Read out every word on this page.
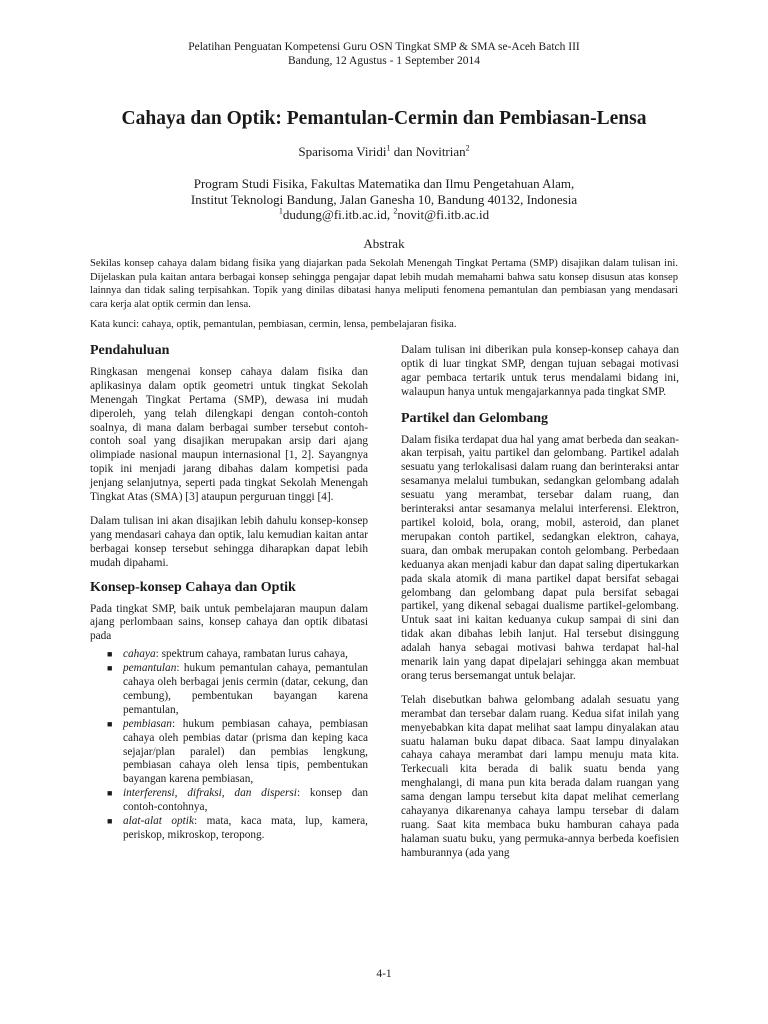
Pelatihan Penguatan Kompetensi Guru OSN Tingkat SMP & SMA se-Aceh Batch III
Bandung, 12 Agustus - 1 September 2014
Cahaya dan Optik: Pemantulan-Cermin dan Pembiasan-Lensa
Sparisoma Viridi$^1$ dan Novitrian$^2$
Program Studi Fisika, Fakultas Matematika dan Ilmu Pengetahuan Alam,
Institut Teknologi Bandung, Jalan Ganesha 10, Bandung 40132, Indonesia
$^1$dudung@fi.itb.ac.id, $^2$novit@fi.itb.ac.id
Abstrak
Sekilas konsep cahaya dalam bidang fisika yang diajarkan pada Sekolah Menengah Tingkat Pertama (SMP) disajikan dalam tulisan ini. Dijelaskan pula kaitan antara berbagai konsep sehingga pengajar dapat lebih mudah memahami bahwa satu konsep disusun atas konsep lainnya dan tidak saling terpisahkan. Topik yang dinilas dibatasi hanya meliputi fenomena pemantulan dan pembiasan yang mendasari cara kerja alat optik cermin dan lensa.
Kata kunci: cahaya, optik, pemantulan, pembiasan, cermin, lensa, pembelajaran fisika.
Pendahuluan

Ringkasan mengenai konsep cahaya dalam fisika dan aplikasinya dalam optik geometri untuk tingkat Sekolah Menengah Tingkat Pertama (SMP), dewasa ini mudah diperoleh, yang telah dilengkapi dengan contoh-contoh soalnya, di mana dalam berbagai sumber tersebut contoh-contoh soal yang disajikan merupakan arsip dari ajang olimpiade nasional maupun internasional [1, 2]. Sayangnya topik ini menjadi jarang dibahas dalam kompetisi pada jenjang selanjutnya, seperti pada tingkat Sekolah Menengah Tingkat Atas (SMA) [3] ataupun perguruan tinggi [4].

Dalam tulisan ini akan disajikan lebih dahulu konsep-konsep yang mendasari cahaya dan optik, lalu kemudian kaitan antar berbagai konsep tersebut sehingga diharapkan dapat lebih mudah dipahami.

Konsep-konsep Cahaya dan Optik

Pada tingkat SMP, baik untuk pembelajaran maupun dalam ajang perlombaan sains, konsep cahaya dan optik dibatasi pada

■ cahaya: spektrum cahaya, rambatan lurus cahaya,
■ pemantulan: hukum pemantulan cahaya, pemantulan cahaya oleh berbagai jenis cermin (datar, cekung, dan cembung), pembentukan bayangan karena pemantulan,
■ pembiasan: hukum pembiasan cahaya, pembiasan cahaya oleh pembias datar (prisma dan keping kaca sejajar/plan paralel) dan pembias lengkung, pembiasan cahaya oleh lensa tipis, pembentukan bayangan karena pembiasan,
■ interferensi, difraksi, dan dispersi: konsep dan contoh-contohnya,
■ alat-alat optik: mata, kaca mata, lup, kamera, periskop, mikroskop, teropong.

Dalam tulisan ini diberikan pula konsep-konsep cahaya dan optik di luar tingkat SMP, dengan tujuan sebagai motivasi agar pembaca tertarik untuk terus mendalami bidang ini, walaupun hanya untuk mengajarkannya pada tingkat SMP.

Partikel dan Gelombang

Dalam fisika terdapat dua hal yang amat berbeda dan seakan-akan terpisah, yaitu partikel dan gelombang. Partikel adalah sesuatu yang terlokalisasi dalam ruang dan berinteraksi antar sesamanya melalui tumbukan, sedangkan gelombang adalah sesuatu yang merambat, tersebar dalam ruang, dan berinteraksi antar sesamanya melalui interferensi. Elektron, partikel koloid, bola, orang, mobil, asteroid, dan planet merupakan contoh partikel, sedangkan elektron, cahaya, suara, dan ombak merupakan contoh gelombang. Perbedaan keduanya akan menjadi kabur dan dapat saling dipertukarkan pada skala atomik di mana partikel dapat bersifat sebagai gelombang dan gelombang dapat pula bersifat sebagai partikel, yang dikenal sebagai dualisme partikel-gelombang. Untuk saat ini kaitan keduanya cukup sampai di sini dan tidak akan dibahas lebih lanjut. Hal tersebut disinggung adalah hanya sebagai motivasi bahwa terdapat hal-hal menarik lain yang dapat dipelajari sehingga akan membuat orang terus bersemangat untuk belajar.

Telah disebutkan bahwa gelombang adalah sesuatu yang merambat dan tersebar dalam ruang. Kedua sifat inilah yang menyebabkan kita dapat melihat saat lampu dinyalakan atau suatu halaman buku dapat dibaca. Saat lampu dinyalakan cahaya cahaya merambat dari lampu menuju mata kita. Terkecuali kita berada di balik suatu benda yang menghalangi, di mana pun kita berada dalam ruangan yang sama dengan lampu tersebut kita dapat melihat cemerlang cahayanya dikarenanya cahaya lampu tersebar di dalam ruang. Saat kita membaca buku hamburan cahaya pada halaman suatu buku, yang permuka-annya berbeda koefisien hamburannya (ada yang

4-1
